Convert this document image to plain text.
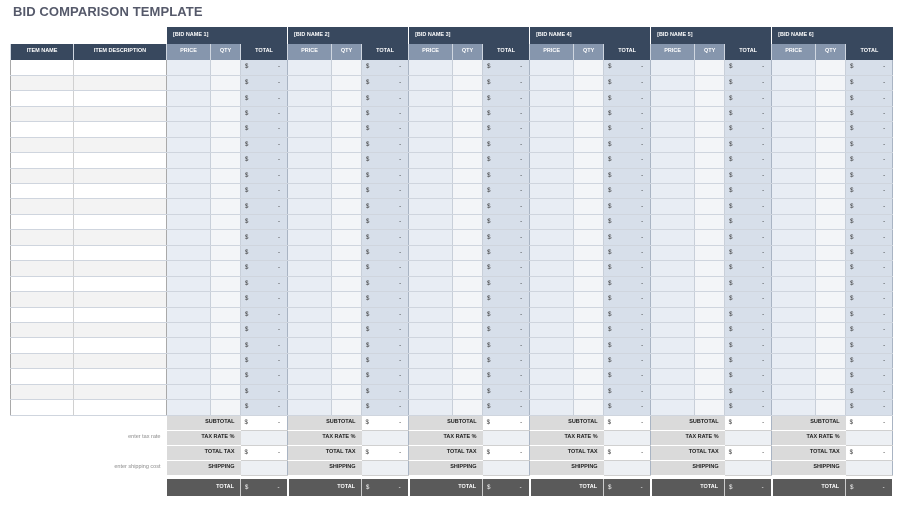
BID COMPARISON TEMPLATE
		[BID NAME 1]			[BID NAME 2]			[BID NAME 3]			[BID NAME 4]			[BID NAME 5]			[BID NAME 6]		
ITEM NAME	ITEM DESCRIPTION	PRICE	QTY	TOTAL	PRICE	QTY	TOTAL	PRICE	QTY	TOTAL	PRICE	QTY	TOTAL	PRICE	QTY	TOTAL	PRICE	QTY	TOTAL

				$ -			$ -			$ -			$ -			$ -			$ -

				$ -			$ -			$ -			$ -			$ -			$ -

				$ -			$ -			$ -			$ -			$ -			$ -

				$ -			$ -			$ -			$ -			$ -			$ -

				$ -			$ -			$ -			$ -			$ -			$ -

				$ -			$ -			$ -			$ -			$ -			$ -

				$ -			$ -			$ -			$ -			$ -			$ -

				$ -			$ -			$ -			$ -			$ -			$ -

				$ -			$ -			$ -			$ -			$ -			$ -

				$ -			$ -			$ -			$ -			$ -			$ -

				$ -			$ -			$ -			$ -			$ -			$ -

				$ -			$ -			$ -			$ -			$ -			$ -

				$ -			$ -			$ -			$ -			$ -			$ -

				$ -			$ -			$ -			$ -			$ -			$ -

				$ -			$ -			$ -			$ -			$ -			$ -

				$ -			$ -			$ -			$ -			$ -			$ -

				$ -			$ -			$ -			$ -			$ -			$ -

				$ -			$ -			$ -			$ -			$ -			$ -

				$ -			$ -			$ -			$ -			$ -			$ -

				$ -			$ -			$ -			$ -			$ -			$ -

				$ -			$ -			$ -			$ -			$ -			$ -

				$ -			$ -			$ -			$ -			$ -			$ -

				$ -			$ -			$ -			$ -			$ -			$ -

		SUBTOTAL		$ -	SUBTOTAL		$ -	SUBTOTAL		$ -	SUBTOTAL		$ -	SUBTOTAL		$ -	SUBTOTAL		$ -

enter tax rate		TAX RATE %			TAX RATE %			TAX RATE %			TAX RATE %			TAX RATE %			TAX RATE %		
		TOTAL TAX		$ -	TOTAL TAX		$ -	TOTAL TAX		$ -	TOTAL TAX		$ -	TOTAL TAX		$ -	TOTAL TAX		$ -

enter shipping cost		SHIPPING			SHIPPING			SHIPPING			SHIPPING			SHIPPING			SHIPPING		

		TOTAL		$ -	TOTAL		$ -	TOTAL		$ -	TOTAL		$ -	TOTAL		$ -	TOTAL		$ -
